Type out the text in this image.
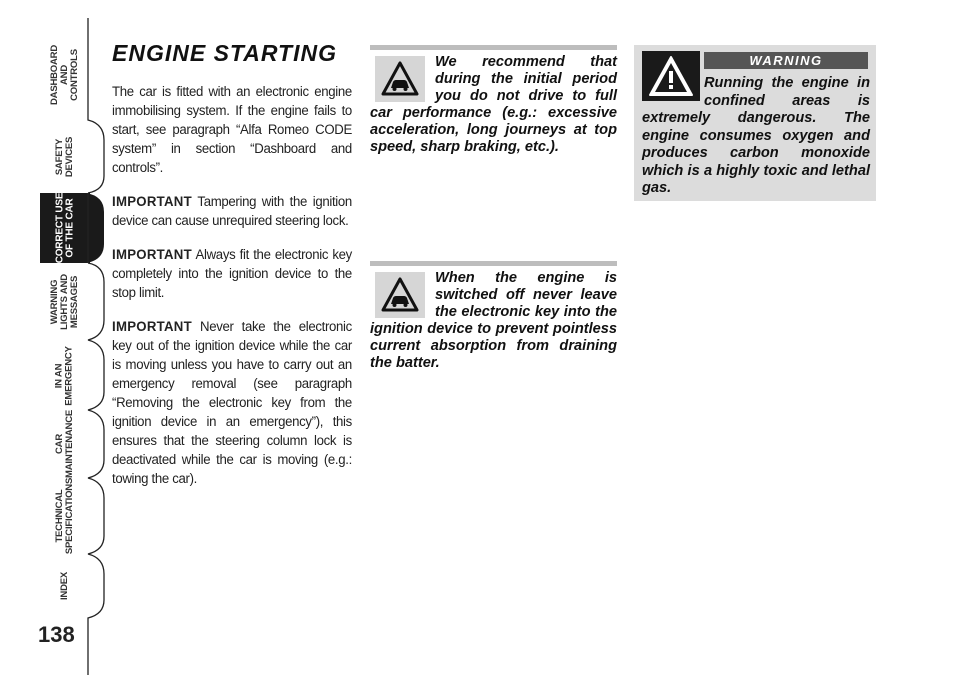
DASHBOARD AND CONTROLS
SAFETY DEVICES
CORRECT USE OF THE CAR
WARNING LIGHTS AND MESSAGES
IN AN EMERGENCY
CAR MAINTENANCE
TECHNICAL SPECIFICATIONS
INDEX
138
ENGINE STARTING

The car is fitted with an electronic engine immobilising system. If the engine fails to start, see paragraph “Alfa Romeo CODE system” in section “Dashboard and controls”.

IMPORTANT Tampering with the ignition device can cause unrequired steering lock.

IMPORTANT Always fit the electronic key completely into the ignition device to the stop limit.

IMPORTANT Never take the electronic key out of the ignition device while the car is moving unless you have to carry out an emergency removal (see paragraph “Removing the electronic key from the ignition device in an emergency”), this ensures that the steering column lock is deactivated while the car is moving (e.g.: towing the car).

We recommend that during the initial period you do not drive to full car performance (e.g.: excessive acceleration, long journeys at top speed, sharp braking, etc.).

When the engine is switched off never leave the electronic key into the ignition device to prevent pointless current absorption from draining the batter.

WARNING

Running the engine in confined areas is extremely dangerous. The engine consumes oxygen and produces carbon monoxide which is a highly toxic and lethal gas.
